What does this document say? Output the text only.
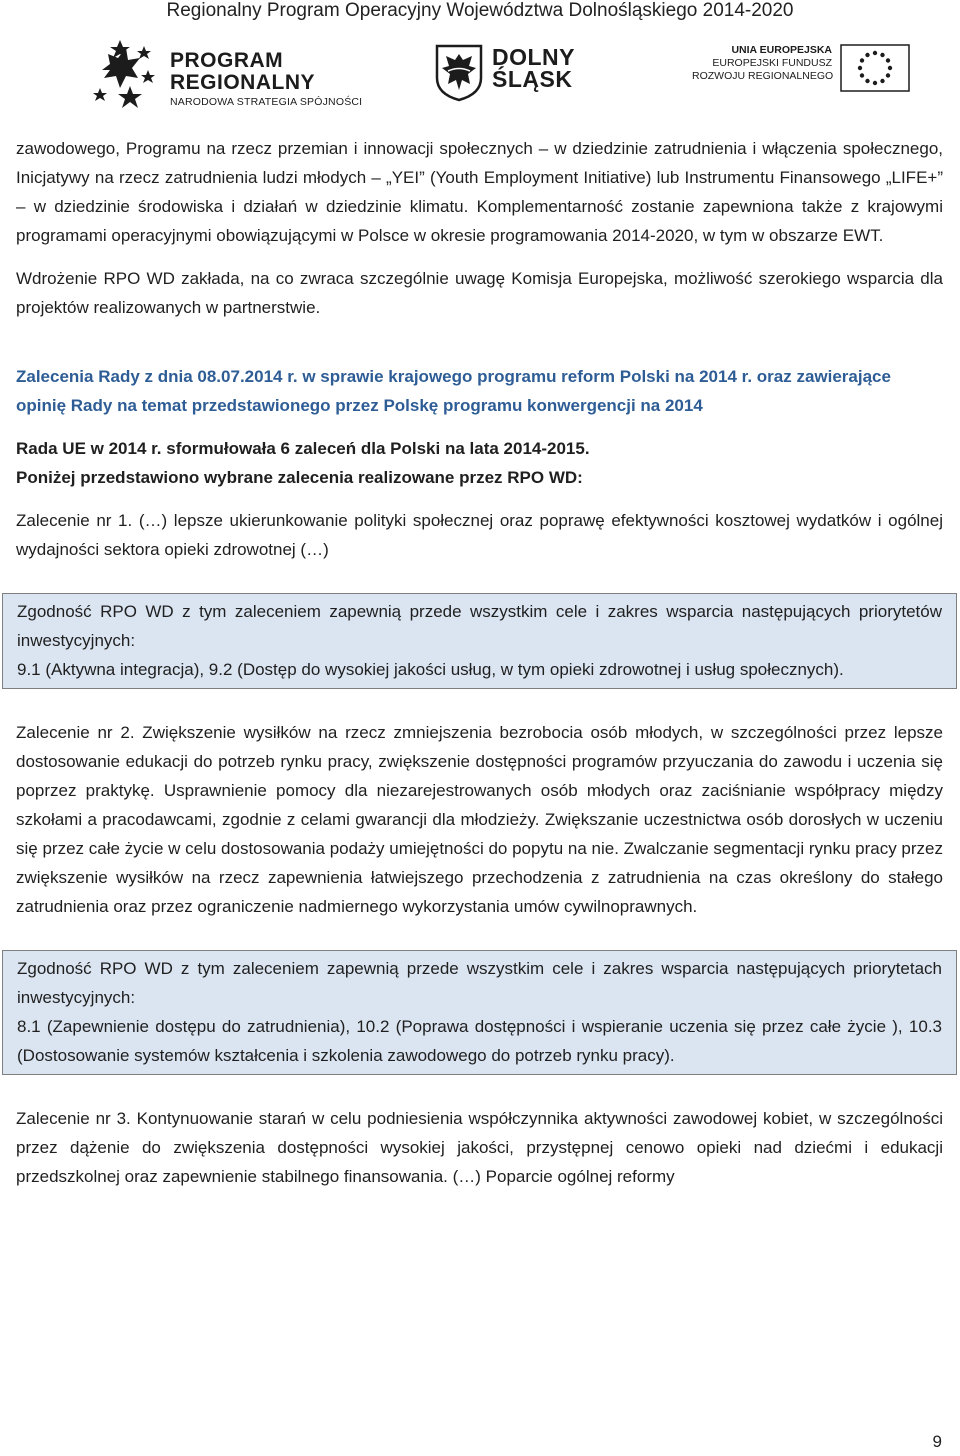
Regionalny Program Operacyjny Województwa Dolnośląskiego 2014-2020
PROGRAM
REGIONALNY
NARODOWA STRATEGIA SPÓJNOŚCI
DOLNY
ŚLĄSK
UNIA EUROPEJSKA
EUROPEJSKI FUNDUSZ
ROZWOJU REGIONALNEGO

zawodowego, Programu na rzecz przemian i innowacji społecznych – w dziedzinie zatrudnienia i włączenia społecznego, Inicjatywy na rzecz zatrudnienia ludzi młodych – „YEI” (Youth Employment Initiative) lub Instrumentu Finansowego „LIFE+” – w dziedzinie środowiska i działań w dziedzinie klimatu. Komplementarność zostanie zapewniona także z krajowymi programami operacyjnymi obowiązującymi w Polsce w okresie programowania 2014-2020, w tym w obszarze EWT.

Wdrożenie RPO WD zakłada, na co zwraca szczególnie uwagę Komisja Europejska, możliwość szerokiego wsparcia dla projektów realizowanych w partnerstwie.

Zalecenia Rady z dnia 08.07.2014 r. w sprawie krajowego programu reform Polski na 2014 r. oraz zawierające opinię Rady na temat przedstawionego przez Polskę programu konwergencji na 2014

Rada UE w 2014 r. sformułowała 6 zaleceń dla Polski na lata 2014-2015.

Poniżej przedstawiono wybrane zalecenia realizowane przez RPO WD:

Zalecenie nr 1. (…) lepsze ukierunkowanie polityki społecznej oraz poprawę efektywności kosztowej wydatków i ogólnej wydajności sektora opieki zdrowotnej (…)

Zgodność RPO WD z tym zaleceniem zapewnią przede wszystkim cele i zakres wsparcia następujących priorytetów inwestycyjnych:

9.1 (Aktywna integracja), 9.2 (Dostęp do wysokiej jakości usług, w tym opieki zdrowotnej i usług społecznych).

Zalecenie nr 2. Zwiększenie wysiłków na rzecz zmniejszenia bezrobocia osób młodych, w szczególności przez lepsze dostosowanie edukacji do potrzeb rynku pracy, zwiększenie dostępności programów przyuczania do zawodu i uczenia się poprzez praktykę. Usprawnienie pomocy dla niezarejestrowanych osób młodych oraz zaciśnianie współpracy między szkołami a pracodawcami, zgodnie z celami gwarancji dla młodzieży. Zwiększanie uczestnictwa osób dorosłych w uczeniu się przez całe życie w celu dostosowania podaży umiejętności do popytu na nie. Zwalczanie segmentacji rynku pracy przez zwiększenie wysiłków na rzecz zapewnienia łatwiejszego przechodzenia z zatrudnienia na czas określony do stałego zatrudnienia oraz przez ograniczenie nadmiernego wykorzystania umów cywilnoprawnych.

Zgodność RPO WD z tym zaleceniem zapewnią przede wszystkim cele i zakres wsparcia następujących priorytetach inwestycyjnych:

8.1 (Zapewnienie dostępu do zatrudnienia), 10.2 (Poprawa dostępności i wspieranie uczenia się przez całe życie ), 10.3 (Dostosowanie systemów kształcenia i szkolenia zawodowego do potrzeb rynku pracy).

Zalecenie nr 3. Kontynuowanie starań w celu podniesienia współczynnika aktywności zawodowej kobiet, w szczególności przez dążenie do zwiększenia dostępności wysokiej jakości, przystępnej cenowo opieki nad dziećmi i edukacji przedszkolnej oraz zapewnienie stabilnego finansowania. (…) Poparcie ogólnej reformy

9
